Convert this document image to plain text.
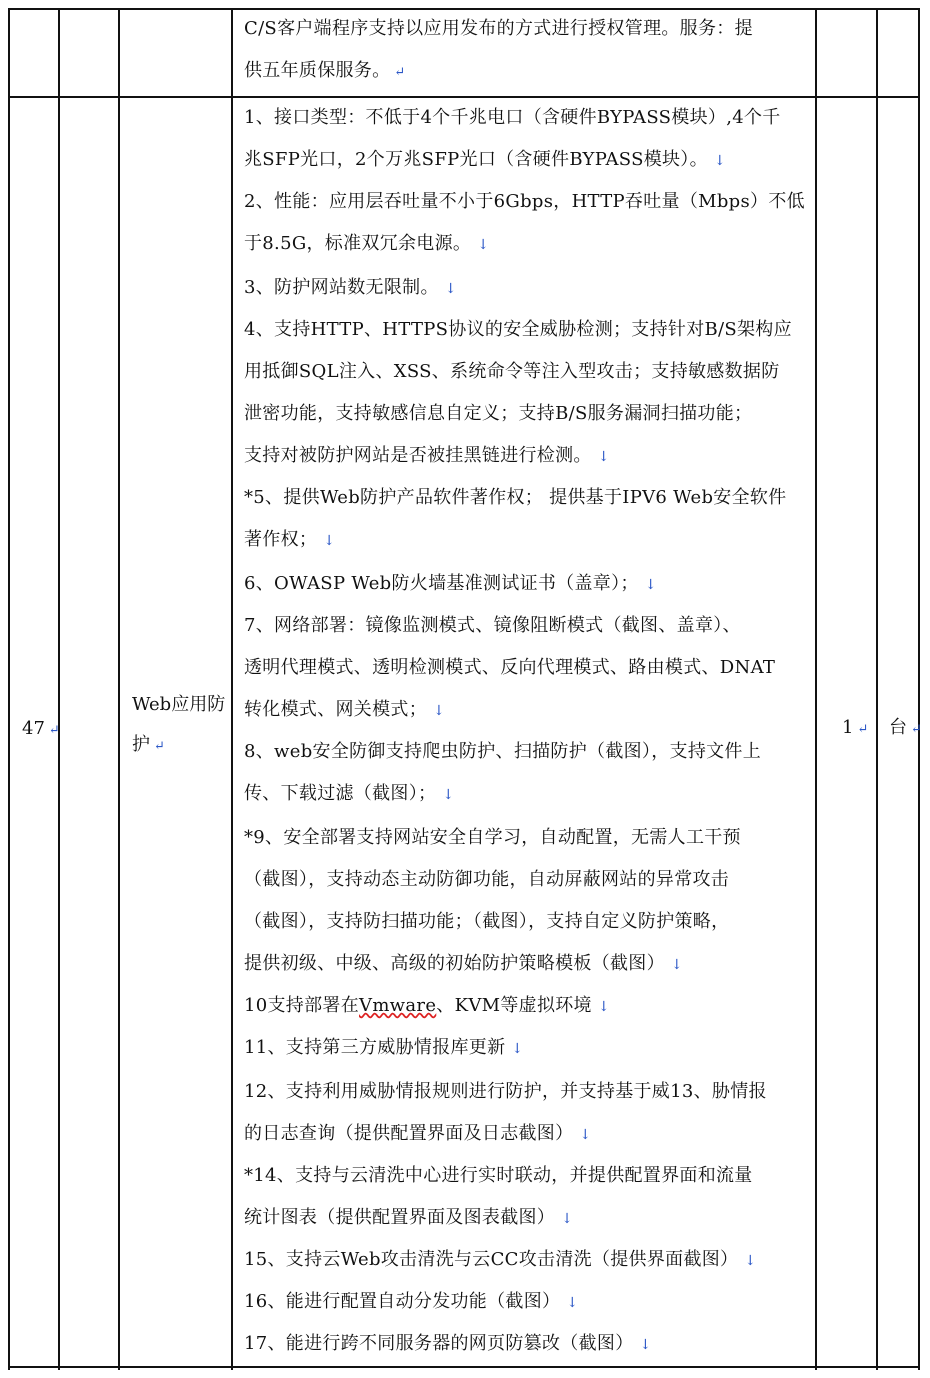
C/S客户端程序支持以应用发布的方式进行授权管理。服务：提
供五年质保服务。 ↵
47 ↵
Web应用防
护 ↵
1 ↵ 台 ↵
1、接口类型：不低于4个千兆电口（含硬件BYPASS模块）,4个千
兆SFP光口，2个万兆SFP光口（含硬件BYPASS模块）。 ↓
2、性能：应用层吞吐量不小于6Gbps，HTTP吞吐量（Mbps）不低
于8.5G，标准双冗余电源。 ↓
3、防护网站数无限制。 ↓
4、支持HTTP、HTTPS协议的安全威胁检测；支持针对B/S架构应
用抵御SQL注入、XSS、系统命令等注入型攻击；支持敏感数据防
泄密功能，支持敏感信息自定义；支持B/S服务漏洞扫描功能；
支持对被防护网站是否被挂黑链进行检测。 ↓
*5、提供Web防护产品软件著作权； 提供基于IPV6 Web安全软件
著作权； ↓
6、OWASP Web防火墙基准测试证书（盖章）； ↓
7、网络部署：镜像监测模式、镜像阻断模式（截图、盖章）、
透明代理模式、透明检测模式、反向代理模式、路由模式、DNAT
转化模式、网关模式； ↓
8、web安全防御支持爬虫防护、扫描防护（截图），支持文件上
传、下载过滤（截图）； ↓
*9、安全部署支持网站安全自学习，自动配置，无需人工干预
（截图），支持动态主动防御功能，自动屏蔽网站的异常攻击
（截图），支持防扫描功能；（截图），支持自定义防护策略，
提供初级、中级、高级的初始防护策略模板（截图） ↓
10支持部署在Vmware、KVM等虚拟环境 ↓
11、支持第三方威胁情报库更新 ↓
12、支持利用威胁情报规则进行防护，并支持基于威13、胁情报
的日志查询（提供配置界面及日志截图） ↓
*14、支持与云清洗中心进行实时联动，并提供配置界面和流量
统计图表（提供配置界面及图表截图） ↓
15、支持云Web攻击清洗与云CC攻击清洗（提供界面截图） ↓
16、能进行配置自动分发功能（截图） ↓
17、能进行跨不同服务器的网页防篡改（截图） ↓
